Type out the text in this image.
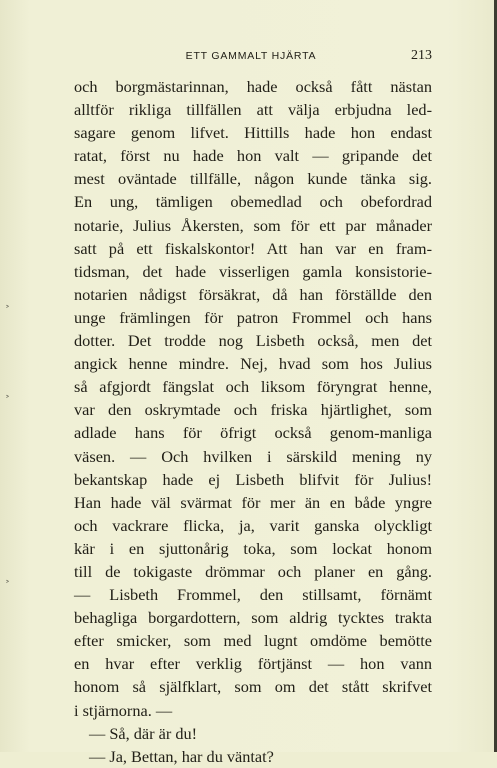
˃
˃
˃
ETT GAMMALT HJÄRTA	213
och borgmästarinnan, hade också fått nästan
alltför rikliga tillfällen att välja erbjudna led-
sagare genom lifvet. Hittills hade hon endast
ratat, först nu hade hon valt — gripande det
mest oväntade tillfälle, någon kunde tänka sig.
En ung, tämligen obemedlad och obefordrad
notarie, Julius Åkersten, som för ett par månader
satt på ett fiskalskontor! Att han var en fram-
tidsman, det hade visserligen gamla konsistorie-
notarien nådigst försäkrat, då han förställde den
unge främlingen för patron Frommel och hans
dotter. Det trodde nog Lisbeth också, men det
angick henne mindre. Nej, hvad som hos Julius
så afgjordt fängslat och liksom föryngrat henne,
var den oskrymtade och friska hjärtlighet, som
adlade hans för öfrigt också genom-manliga
väsen. — Och hvilken i särskild mening ny
bekantskap hade ej Lisbeth blifvit för Julius!
Han hade väl svärmat för mer än en både yngre
och vackrare flicka, ja, varit ganska olyckligt
kär i en sjuttonårig toka, som lockat honom
till de tokigaste drömmar och planer en gång.
— Lisbeth Frommel, den stillsamt, förnämt
behagliga borgardottern, som aldrig tycktes trakta
efter smicker, som med lugnt omdöme bemötte
en hvar efter verklig förtjänst — hon vann
honom så själfklart, som om det stått skrifvet
i stjärnorna. —
— Så, där är du!
— Ja, Bettan, har du väntat?
